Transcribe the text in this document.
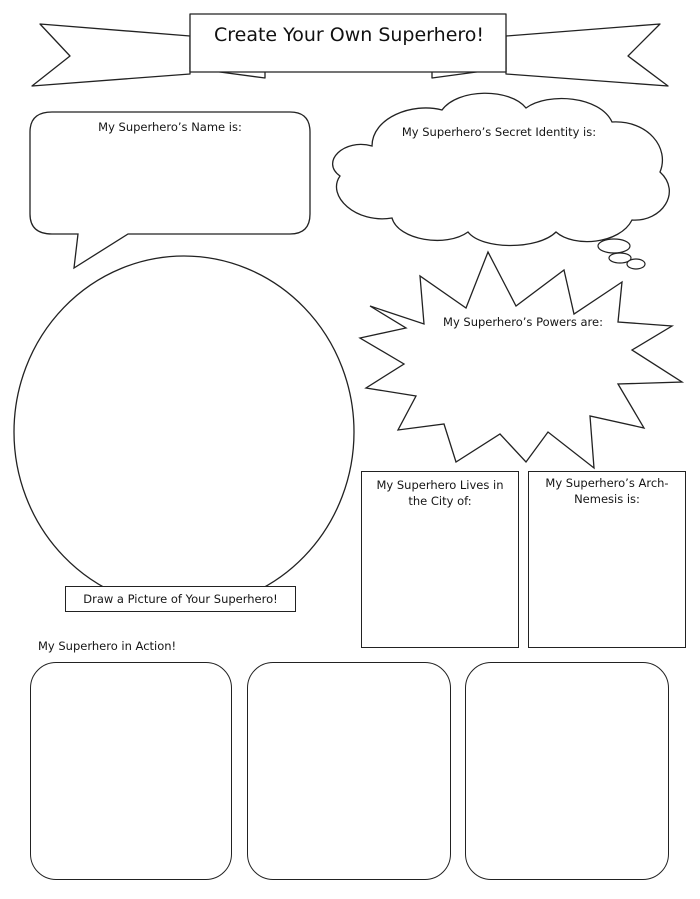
Create Your Own Superhero!
My Superhero’s Name is:	My Superhero’s Secret Identity is:
My Superhero’s Powers are:
My Superhero Lives in the City of:
My Superhero’s Arch-Nemesis is:
Draw a Picture of Your Superhero!
My Superhero in Action!
